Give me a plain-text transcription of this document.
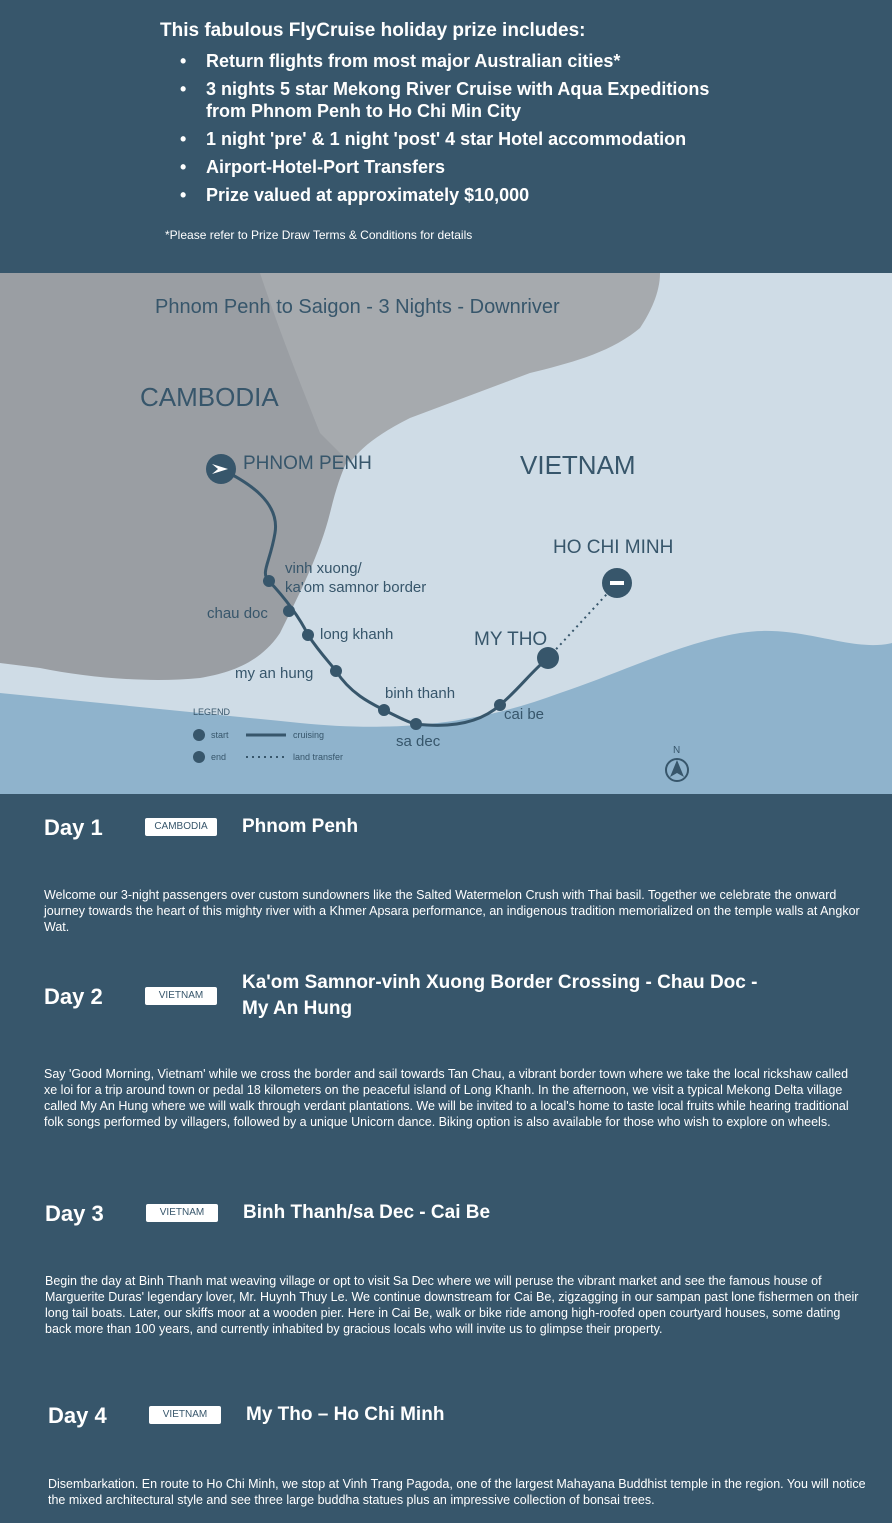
This fabulous FlyCruise holiday prize includes:
•	Return flights from most major Australian cities*
•	3 nights 5 star Mekong River Cruise with Aqua Expeditions from Phnom Penh to Ho Chi Min City
•	1 night 'pre' & 1 night 'post' 4 star Hotel accommodation
•	Airport-Hotel-Port Transfers
•	Prize valued at approximately $10,000
*Please refer to Prize Draw Terms & Conditions for details
Phnom Penh to Saigon - 3 Nights - Downriver
CAMBODIA
VIETNAM
PHNOM PENH
HO CHI MINH
vinh xuong/
ka'om samnor border
chau doc
long khanh
my an hung
binh thanh
sa dec
cai be
MY THO
LEGEND
start
end
cruising
land transfer
N
Day 1	CAMBODIA	Phnom Penh
Welcome our 3-night passengers over custom sundowners like the Salted Watermelon Crush with Thai basil. Together we celebrate the onward journey towards the heart of this mighty river with a Khmer Apsara performance, an indigenous tradition memorialized on the temple walls at Angkor Wat.
Day 2	VIETNAM
Ka'om Samnor-vinh Xuong Border Crossing - Chau Doc - My An Hung
Say 'Good Morning, Vietnam' while we cross the border and sail towards Tan Chau, a vibrant border town where we take the local rickshaw called xe loi for a trip around town or pedal 18 kilometers on the peaceful island of Long Khanh. In the afternoon, we visit a typical Mekong Delta village called My An Hung where we will walk through verdant plantations. We will be invited to a local's home to taste local fruits while hearing traditional folk songs performed by villagers, followed by a unique Unicorn dance. Biking option is also available for those who wish to explore on wheels.
Day 3	VIETNAM	Binh Thanh/sa Dec - Cai Be
Begin the day at Binh Thanh mat weaving village or opt to visit Sa Dec where we will peruse the vibrant market and see the famous house of Marguerite Duras' legendary lover, Mr. Huynh Thuy Le. We continue downstream for Cai Be, zigzagging in our sampan past lone fishermen on their long tail boats. Later, our skiffs moor at a wooden pier. Here in Cai Be, walk or bike ride among high-roofed open courtyard houses, some dating back more than 100 years, and currently inhabited by gracious locals who will invite us to glimpse their property.
Day 4	VIETNAM	My Tho – Ho Chi Minh
Disembarkation. En route to Ho Chi Minh, we stop at Vinh Trang Pagoda, one of the largest Mahayana Buddhist temple in the region. You will notice the mixed architectural style and see three large buddha statues plus an impressive collection of bonsai trees.
